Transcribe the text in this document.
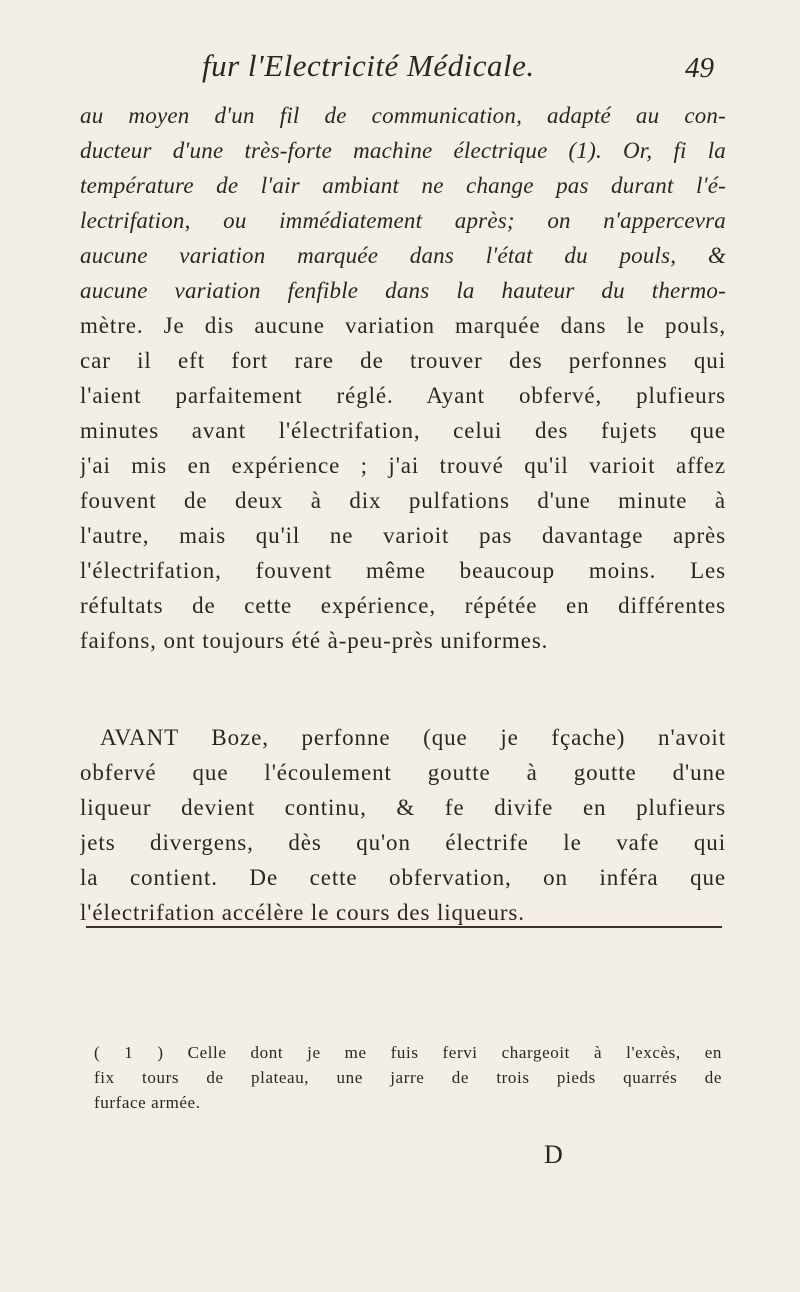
fur l'Electricité Médicale.	49
au moyen d'un fil de communication, adapté au con-
ducteur d'une très-forte machine électrique (1). Or, fi la
température de l'air ambiant ne change pas durant l'é-
lectrifation, ou immédiatement après; on n'appercevra
aucune variation marquée dans l'état du pouls, &
aucune variation fenfible dans la hauteur du thermo-
mètre. Je dis aucune variation marquée dans le pouls,
car il eft fort rare de trouver des perfonnes qui
l'aient parfaitement réglé. Ayant obfervé, plufieurs
minutes avant l'électrifation, celui des fujets que
j'ai mis en expérience ; j'ai trouvé qu'il varioit affez
fouvent de deux à dix pulfations d'une minute à
l'autre, mais qu'il ne varioit pas davantage après
l'électrifation, fouvent même beaucoup moins. Les
réfultats de cette expérience, répétée en différentes
faifons, ont toujours été à-peu-près uniformes.
AVANT Boze, perfonne (que je fçache) n'avoit
obfervé que l'écoulement goutte à goutte d'une
liqueur devient continu, & fe divife en plufieurs
jets divergens, dès qu'on électrife le vafe qui
la contient. De cette obfervation, on inféra que
l'électrifation accélère le cours des liqueurs.
( 1 ) Celle dont je me fuis fervi chargeoit à l'excès, en
fix tours de plateau, une jarre de trois pieds quarrés de
furface armée.
D
